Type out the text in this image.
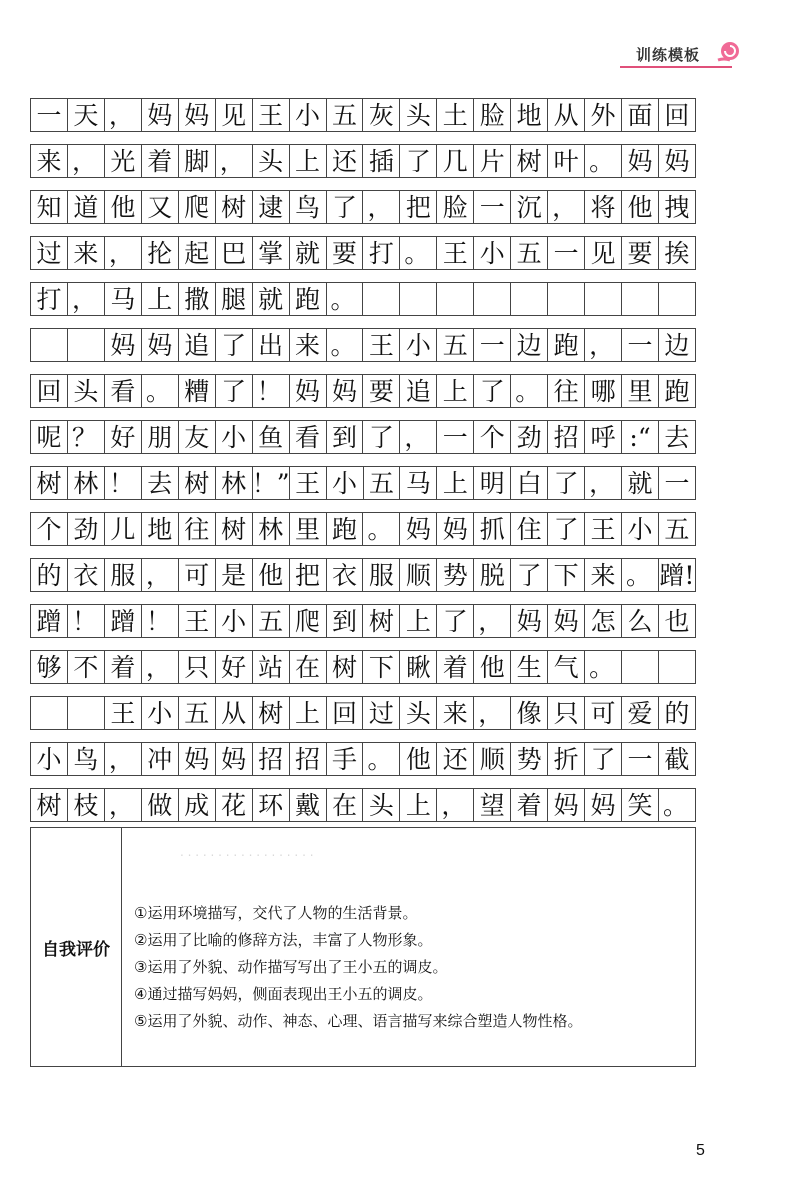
训练模板
. . . . . . . . . . . . . . . . . .
一 天 ， 妈 妈 见 王 小 五 灰 头 土 脸 地 从 外 面 回
来 ， 光 着 脚 ， 头 上 还 插 了 几 片 树 叶 。 妈 妈
知 道 他 又 爬 树 逮 鸟 了 ， 把 脸 一 沉 ， 将 他 拽
过 来 ， 抡 起 巴 掌 就 要 打 。 王 小 五 一 见 要 挨
打 ， 马 上 撒 腿 就 跑 。
妈 妈 追 了 出 来 。 王 小 五 一 边 跑 ， 一 边
回 头 看 。 糟 了 ！ 妈 妈 要 追 上 了 。 往 哪 里 跑
呢 ？ 好 朋 友 小 鱼 看 到 了 ， 一 个 劲 招 呼 :“ 去
树 林 ！ 去 树 林 ！” 王 小 五 马 上 明 白 了 ， 就 一
个 劲 儿 地 往 树 林 里 跑 。 妈 妈 抓 住 了 王 小 五
的 衣 服 ， 可 是 他 把 衣 服 顺 势 脱 了 下 来 。 蹭!
蹭 ！ 蹭 ！ 王 小 五 爬 到 树 上 了 ， 妈 妈 怎 么 也
够 不 着 ， 只 好 站 在 树 下 瞅 着 他 生 气 。
王 小 五 从 树 上 回 过 头 来 ， 像 只 可 爱 的
小 鸟 ， 冲 妈 妈 招 招 手 。 他 还 顺 势 折 了 一 截
树 枝 ， 做 成 花 环 戴 在 头 上 ， 望 着 妈 妈 笑 。
自我评价
①运用环境描写，交代了人物的生活背景。
②运用了比喻的修辞方法，丰富了人物形象。
③运用了外貌、动作描写写出了王小五的调皮。
④通过描写妈妈，侧面表现出王小五的调皮。
⑤运用了外貌、动作、神态、心理、语言描写来综合塑造人物性格。
5
